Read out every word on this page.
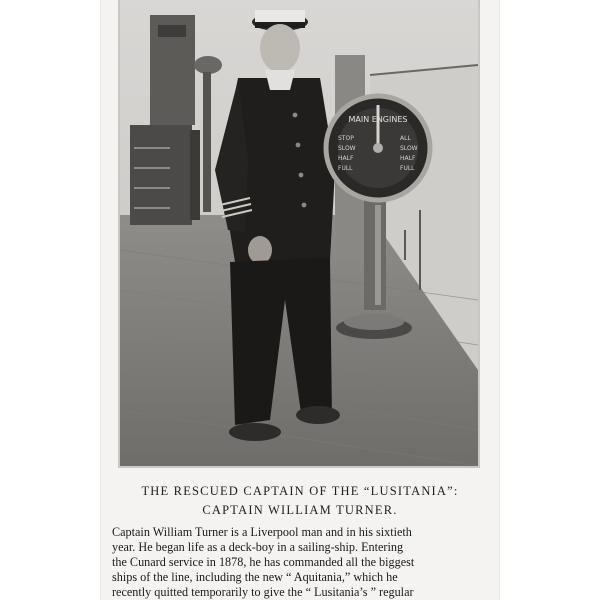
MAIN ENGINES
STOP
SLOW
HALF
FULL
ALL
SLOW
HALF
FULL
THE RESCUED CAPTAIN OF THE “LUSITANIA”:
CAPTAIN WILLIAM TURNER.
Captain William Turner is a Liverpool man and in his sixtieth
year. He began life as a deck-boy in a sailing-ship. Entering
the Cunard service in 1878, he has commanded all the biggest
ships of the line, including the new “ Aquitania,” which he
recently quitted temporarily to give the “ Lusitania’s ” regular
